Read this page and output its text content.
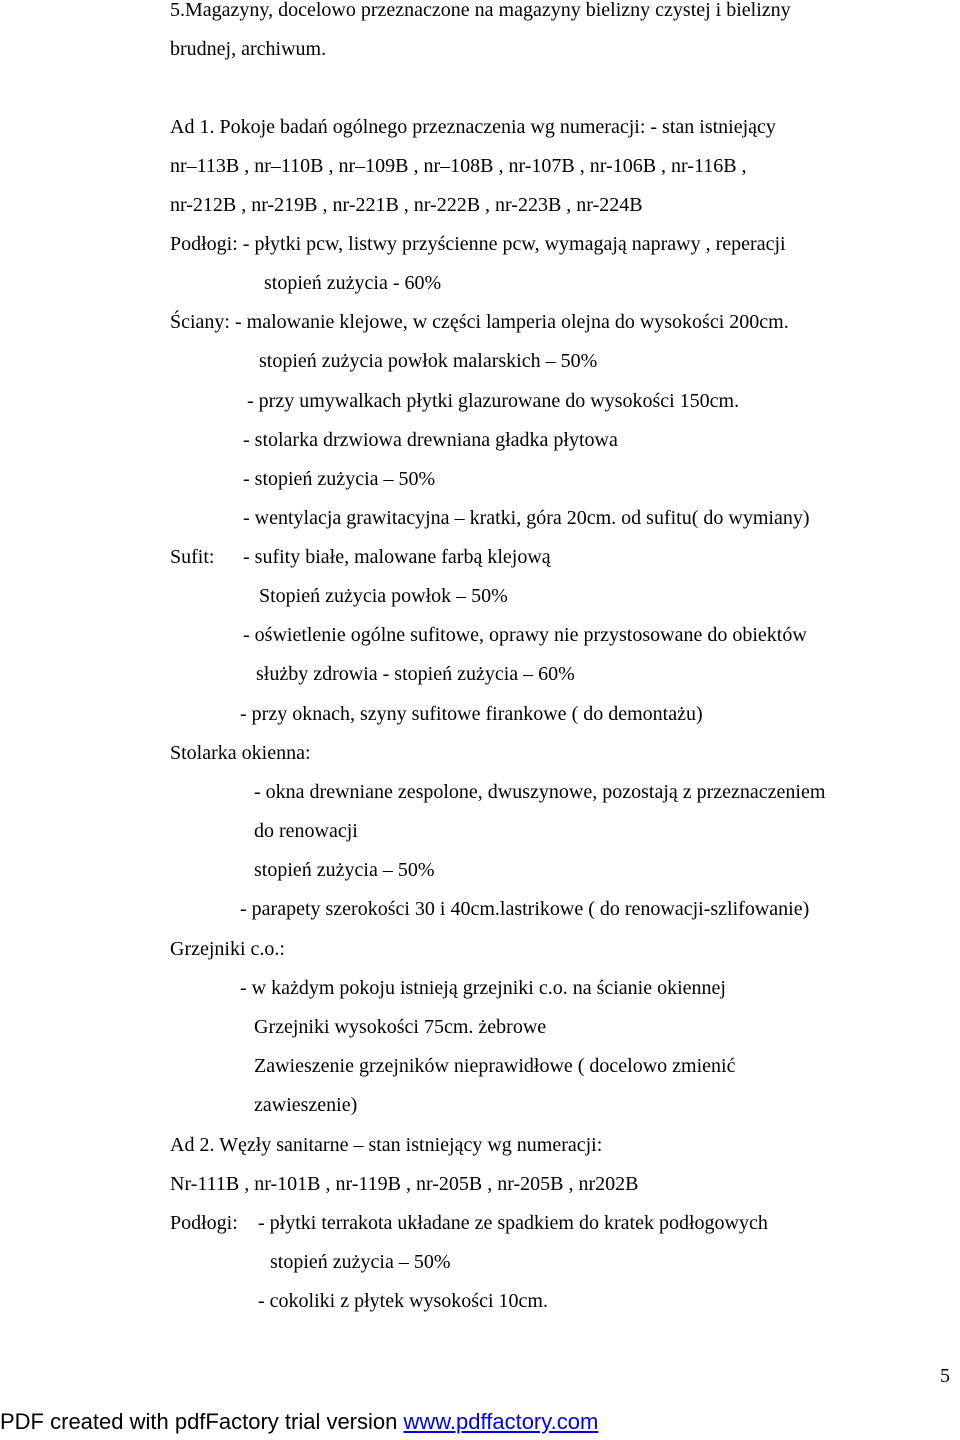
5.Magazyny, docelowo przeznaczone na magazyny bielizny czystej i bielizny
brudnej, archiwum.
Ad 1. Pokoje badań ogólnego przeznaczenia wg numeracji: - stan istniejący
nr–113B , nr–110B , nr–109B , nr–108B , nr-107B , nr-106B , nr-116B ,
nr-212B , nr-219B , nr-221B , nr-222B , nr-223B , nr-224B
Podłogi: - płytki pcw, listwy przyścienne pcw, wymagają naprawy , reperacji
stopień zużycia - 60%
Ściany: - malowanie klejowe, w części lamperia olejna do wysokości 200cm.
stopień zużycia powłok malarskich – 50%
- przy umywalkach płytki glazurowane do wysokości 150cm.
- stolarka drzwiowa drewniana gładka płytowa
- stopień zużycia – 50%
- wentylacja grawitacyjna – kratki, góra 20cm. od sufitu( do wymiany)
Sufit: - sufity białe, malowane farbą klejową
Stopień zużycia powłok – 50%
- oświetlenie ogólne sufitowe, oprawy nie przystosowane do obiektów
służby zdrowia - stopień zużycia – 60%
- przy oknach, szyny sufitowe firankowe ( do demontażu)
Stolarka okienna:
- okna drewniane zespolone, dwuszynowe, pozostają z przeznaczeniem
do renowacji
stopień zużycia – 50%
- parapety szerokości 30 i 40cm.lastrikowe ( do renowacji-szlifowanie)
Grzejniki c.o.:
- w każdym pokoju istnieją grzejniki c.o. na ścianie okiennej
Grzejniki wysokości 75cm. żebrowe
Zawieszenie grzejników nieprawidłowe ( docelowo zmienić
zawieszenie)
Ad 2. Węzły sanitarne – stan istniejący wg numeracji:
Nr-111B , nr-101B , nr-119B , nr-205B , nr-205B , nr202B
Podłogi: - płytki terrakota układane ze spadkiem do kratek podłogowych
stopień zużycia – 50%
- cokoliki z płytek wysokości 10cm.
5
PDF created with pdfFactory trial version www.pdffactory.com
